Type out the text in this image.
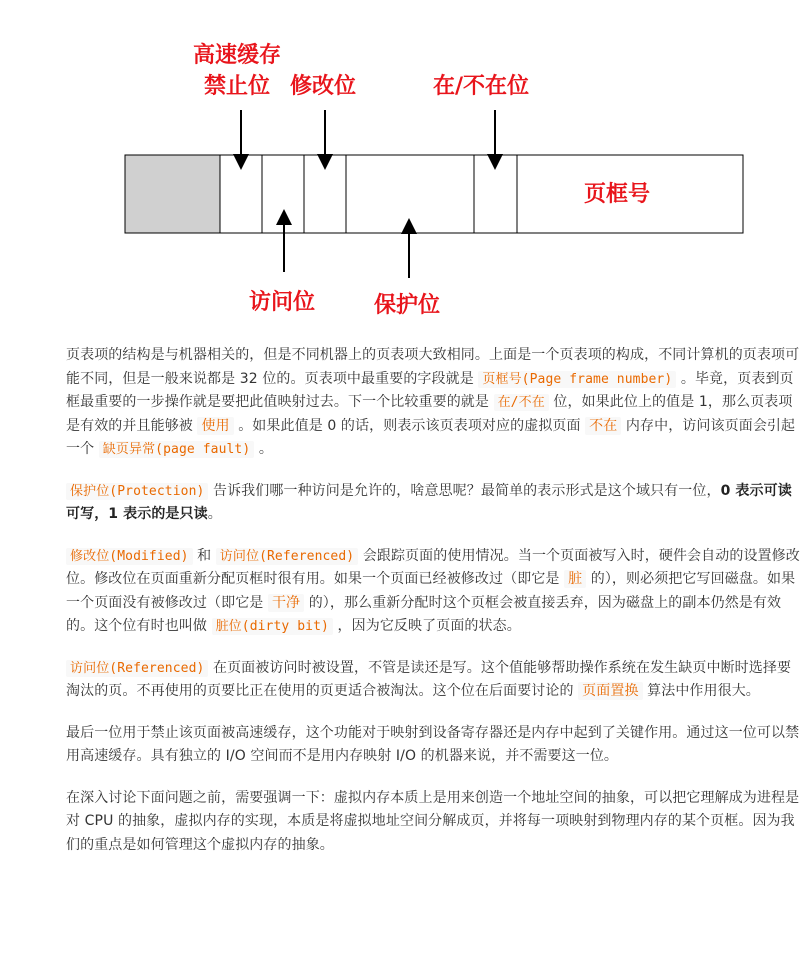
高速缓存
禁止位 修改位	在/不在位
页框号
访问位	保护位

页表项的结构是与机器相关的，但是不同机器上的页表项大致相同。上面是一个页表项的构成，不同计算机的页表项可能不同，但是一般来说都是 32 位的。页表项中最重要的字段就是 页框号(Page frame number) 。毕竟，页表到页框最重要的一步操作就是要把此值映射过去。下一个比较重要的就是 在/不在 位，如果此位上的值是 1，那么页表项是有效的并且能够被 使用 。如果此值是 0 的话，则表示该页表项对应的虚拟页面 不在 内存中，访问该页面会引起一个 缺页异常(page fault) 。

保护位(Protection) 告诉我们哪一种访问是允许的，啥意思呢？最简单的表示形式是这个域只有一位，0 表示可读可写，1 表示的是只读。

修改位(Modified) 和 访问位(Referenced) 会跟踪页面的使用情况。当一个页面被写入时，硬件会自动的设置修改位。修改位在页面重新分配页框时很有用。如果一个页面已经被修改过（即它是 脏 的），则必须把它写回磁盘。如果一个页面没有被修改过（即它是 干净 的），那么重新分配时这个页框会被直接丢弃，因为磁盘上的副本仍然是有效的。这个位有时也叫做 脏位(dirty bit) ，因为它反映了页面的状态。

访问位(Referenced) 在页面被访问时被设置，不管是读还是写。这个值能够帮助操作系统在发生缺页中断时选择要淘汰的页。不再使用的页要比正在使用的页更适合被淘汰。这个位在后面要讨论的 页面置换 算法中作用很大。

最后一位用于禁止该页面被高速缓存，这个功能对于映射到设备寄存器还是内存中起到了关键作用。通过这一位可以禁用高速缓存。具有独立的 I/O 空间而不是用内存映射 I/O 的机器来说，并不需要这一位。

在深入讨论下面问题之前，需要强调一下：虚拟内存本质上是用来创造一个地址空间的抽象，可以把它理解成为进程是对 CPU 的抽象，虚拟内存的实现，本质是将虚拟地址空间分解成页，并将每一项映射到物理内存的某个页框。因为我们的重点是如何管理这个虚拟内存的抽象。
